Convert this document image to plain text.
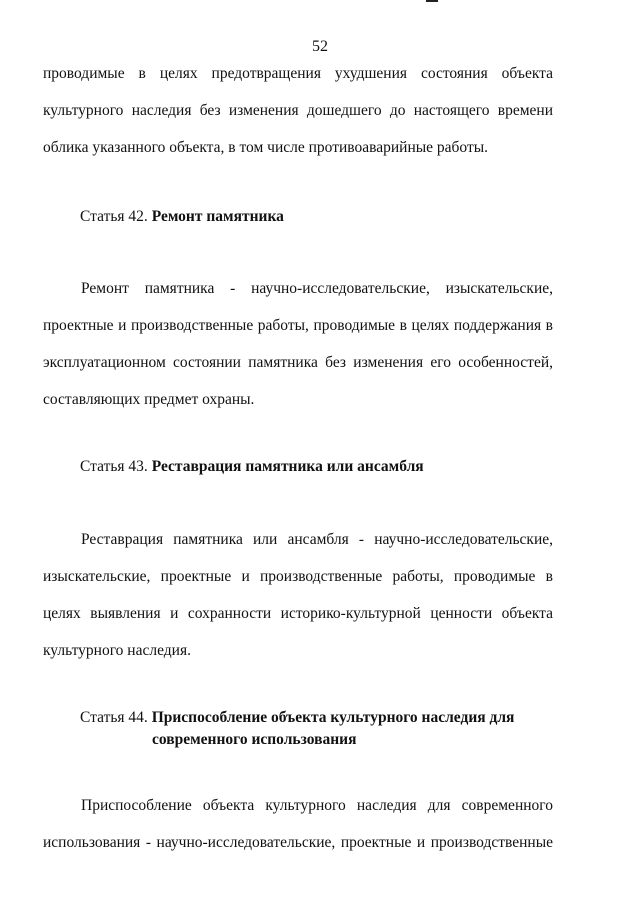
52
проводимые в целях предотвращения ухудшения состояния объекта
культурного наследия без изменения дошедшего до настоящего времени
облика указанного объекта, в том числе противоаварийные работы.
Статья 42. Ремонт памятника
Ремонт памятника - научно-исследовательские, изыскательские,
проектные и производственные работы, проводимые в целях поддержания в
эксплуатационном состоянии памятника без изменения его особенностей,
составляющих предмет охраны.
Статья 43. Реставрация памятника или ансамбля
Реставрация памятника или ансамбля - научно-исследовательские,
изыскательские, проектные и производственные работы, проводимые в
целях выявления и сохранности историко-культурной ценности объекта
культурного наследия.
Статья 44. Приспособление объекта культурного наследия для
современного использования
Приспособление объекта культурного наследия для современного
использования - научно-исследовательские, проектные и производственные
